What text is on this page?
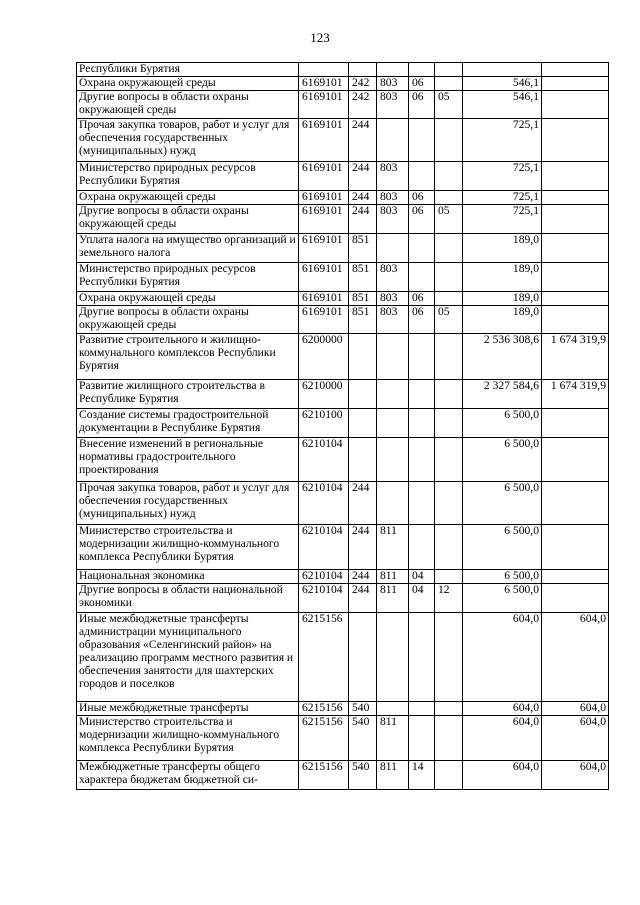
123
Республики Бурятия							
Охрана окружающей среды	6169101	242	803	06		546,1	
Другие вопросы в области охраны окружающей среды	6169101	242	803	06	05	546,1	
Прочая закупка товаров, работ и услуг для обеспечения государственных (муниципальных) нужд	6169101	244				725,1	
Министерство природных ресурсов Республики Бурятия	6169101	244	803			725,1	
Охрана окружающей среды	6169101	244	803	06		725,1	
Другие вопросы в области охраны окружающей среды	6169101	244	803	06	05	725,1	
Уплата налога на имущество организаций и земельного налога	6169101	851				189,0	
Министерство природных ресурсов Республики Бурятия	6169101	851	803			189,0	
Охрана окружающей среды	6169101	851	803	06		189,0	
Другие вопросы в области охраны окружающей среды	6169101	851	803	06	05	189,0	
Развитие строительного и жилищно-коммунального комплексов Республики Бурятия	6200000					2 536 308,6	1 674 319,9
Развитие жилищного строительства в Республике Бурятия	6210000					2 327 584,6	1 674 319,9
Создание системы градостроительной документации в Республике Бурятия	6210100					6 500,0	
Внесение изменений в региональные нормативы градостроительного проектирования	6210104					6 500,0	
Прочая закупка товаров, работ и услуг для обеспечения государственных (муниципальных) нужд	6210104	244				6 500,0	
Министерство строительства и модернизации жилищно-коммунального комплекса Республики Бурятия	6210104	244	811			6 500,0	
Национальная экономика	6210104	244	811	04		6 500,0	
Другие вопросы в области национальной экономики	6210104	244	811	04	12	6 500,0	
Иные межбюджетные трансферты администрации муниципального образования «Селенгинский район» на реализацию программ местного развития и обеспечения занятости для шахтерских городов и поселков	6215156					604,0	604,0
Иные межбюджетные трансферты	6215156	540				604,0	604,0
Министерство строительства и модернизации жилищно-коммунального комплекса Республики Бурятия	6215156	540	811			604,0	604,0
Межбюджетные трансферты общего характера бюджетам бюджетной си-	6215156	540	811	14		604,0	604,0
